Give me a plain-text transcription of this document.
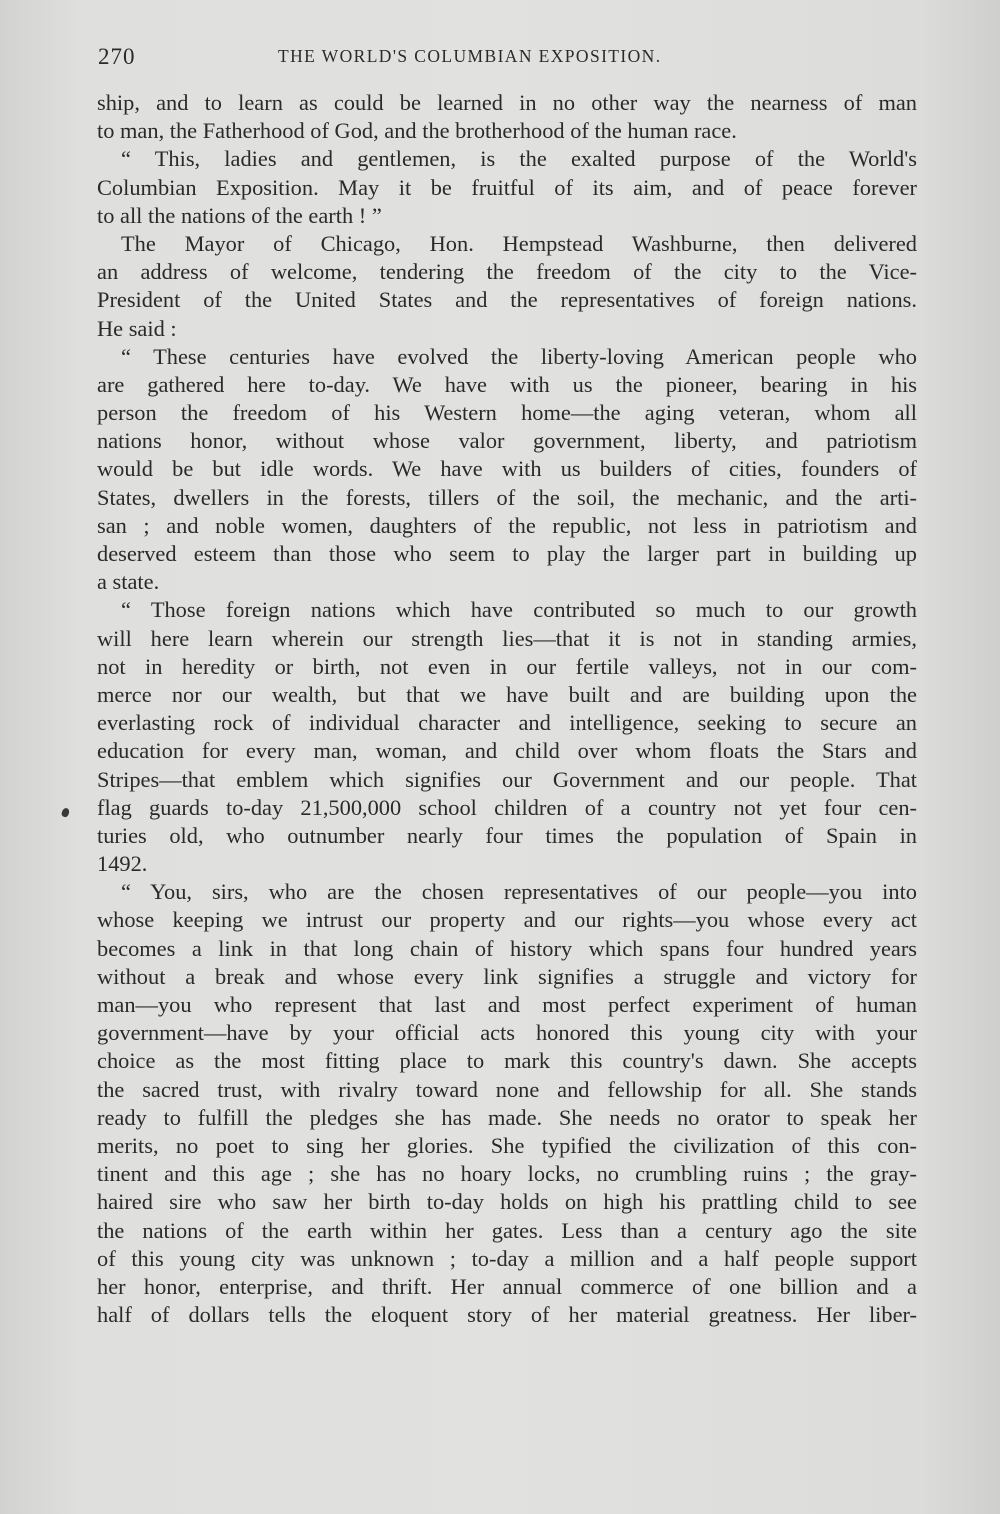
270	THE WORLD'S COLUMBIAN EXPOSITION.
ship, and to learn as could be learned in no other way the nearness of man
to man, the Fatherhood of God, and the brotherhood of the human race.
“ This, ladies and gentlemen, is the exalted purpose of the World's
Columbian Exposition. May it be fruitful of its aim, and of peace forever
to all the nations of the earth ! ”
The Mayor of Chicago, Hon. Hempstead Washburne, then delivered
an address of welcome, tendering the freedom of the city to the Vice-
President of the United States and the representatives of foreign nations.
He said :
“ These centuries have evolved the liberty-loving American people who
are gathered here to-day. We have with us the pioneer, bearing in his
person the freedom of his Western home—the aging veteran, whom all
nations honor, without whose valor government, liberty, and patriotism
would be but idle words. We have with us builders of cities, founders of
States, dwellers in the forests, tillers of the soil, the mechanic, and the arti-
san ; and noble women, daughters of the republic, not less in patriotism and
deserved esteem than those who seem to play the larger part in building up
a state.
“ Those foreign nations which have contributed so much to our growth
will here learn wherein our strength lies—that it is not in standing armies,
not in heredity or birth, not even in our fertile valleys, not in our com-
merce nor our wealth, but that we have built and are building upon the
everlasting rock of individual character and intelligence, seeking to secure an
education for every man, woman, and child over whom floats the Stars and
Stripes—that emblem which signifies our Government and our people. That
flag guards to-day 21,500,000 school children of a country not yet four cen-
turies old, who outnumber nearly four times the population of Spain in
1492.
“ You, sirs, who are the chosen representatives of our people—you into
whose keeping we intrust our property and our rights—you whose every act
becomes a link in that long chain of history which spans four hundred years
without a break and whose every link signifies a struggle and victory for
man—you who represent that last and most perfect experiment of human
government—have by your official acts honored this young city with your
choice as the most fitting place to mark this country's dawn. She accepts
the sacred trust, with rivalry toward none and fellowship for all. She stands
ready to fulfill the pledges she has made. She needs no orator to speak her
merits, no poet to sing her glories. She typified the civilization of this con-
tinent and this age ; she has no hoary locks, no crumbling ruins ; the gray-
haired sire who saw her birth to-day holds on high his prattling child to see
the nations of the earth within her gates. Less than a century ago the site
of this young city was unknown ; to-day a million and a half people support
her honor, enterprise, and thrift. Her annual commerce of one billion and a
half of dollars tells the eloquent story of her material greatness. Her liber-
